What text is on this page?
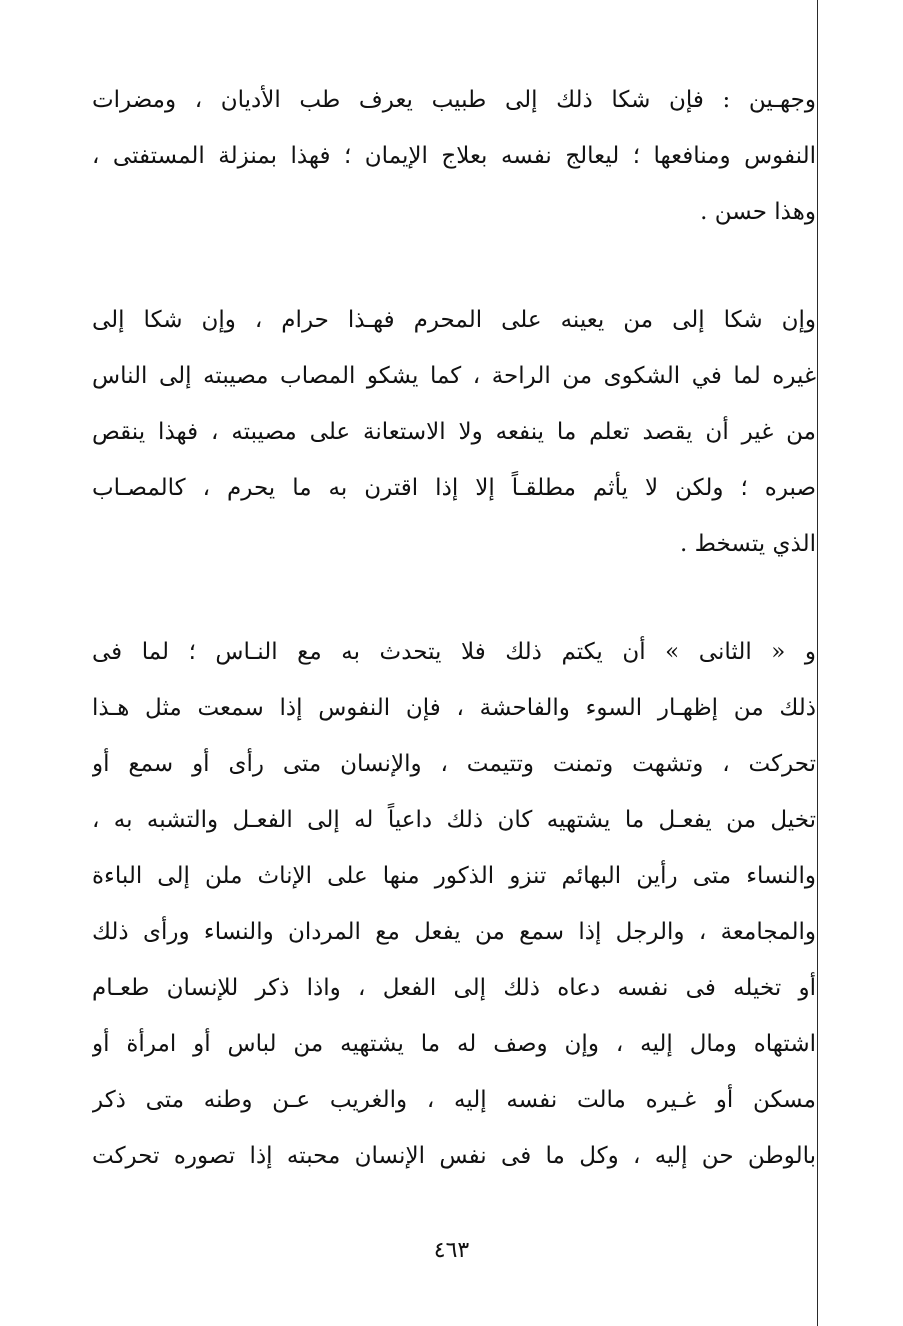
وجهـين : فإن شكا ذلك إلى طبيب يعرف طب الأديان ، ومضرات
النفوس ومنافعها ؛ ليعالج نفسه بعلاج الإيمان ؛ فهذا بمنزلة المستفتى ،
وهذا حسن .
وإن شكا إلى من يعينه على المحرم فهـذا حرام ، وإن شكا إلى
غيره لما في الشكوى من الراحة ، كما يشكو المصاب مصيبته إلى الناس
من غير أن يقصد تعلم ما ينفعه ولا الاستعانة على مصيبته ، فهذا ينقص
صبره ؛ ولكن لا يأثم مطلقـاً إلا إذا اقترن به ما يحرم ، كالمصـاب
الذي يتسخط .
و « الثانى » أن يكتم ذلك فلا يتحدث به مع النـاس ؛ لما فى
ذلك من إظهـار السوء والفاحشة ، فإن النفوس إذا سمعت مثل هـذا
تحركت ، وتشهت وتمنت وتتيمت ، والإنسان متى رأى أو سمع أو
تخيل من يفعـل ما يشتهيه كان ذلك داعياً له إلى الفعـل والتشبه به ،
والنساء متى رأين البهائم تنزو الذكور منها على الإناث ملن إلى الباءة
والمجامعة ، والرجل إذا سمع من يفعل مع المردان والنساء ورأى ذلك
أو تخيله فى نفسه دعاه ذلك إلى الفعل ، واذا ذكر للإنسان طعـام
اشتهاه ومال إليه ، وإن وصف له ما يشتهيه من لباس أو امرأة أو
مسكن أو غـيره مالت نفسه إليه ، والغريب عـن وطنه متى ذكر
بالوطن حن إليه ، وكل ما فى نفس الإنسان محبته إذا تصوره تحركت
٤٦٣
